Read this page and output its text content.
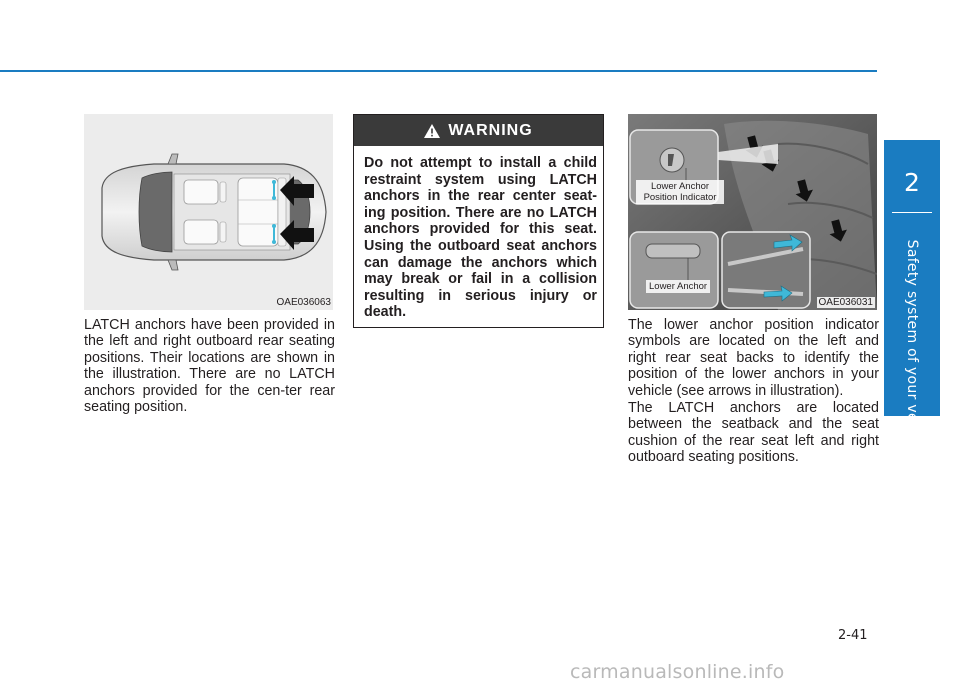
2
Safety system of your vehicle
OAE036063

LATCH anchors have been provided in the left and right outboard rear seating positions. Their locations are shown in the illustration. There are no LATCH anchors provided for the cen-ter rear seating position.

WARNING
Do not attempt to install a child restraint system using LATCH anchors in the rear center seat-ing position. There are no LATCH anchors provided for this seat. Using the outboard seat anchors can damage the anchors which may break or fail in a collision resulting in serious injury or death.
Lower Anchor
Position Indicator
Lower Anchor
OAE036031

The lower anchor position indicator symbols are located on the left and right rear seat backs to identify the position of the lower anchors in your vehicle (see arrows in illustration).

The LATCH anchors are located between the seatback and the seat cushion of the rear seat left and right outboard seating positions.

2-41
carmanualsonline.info
